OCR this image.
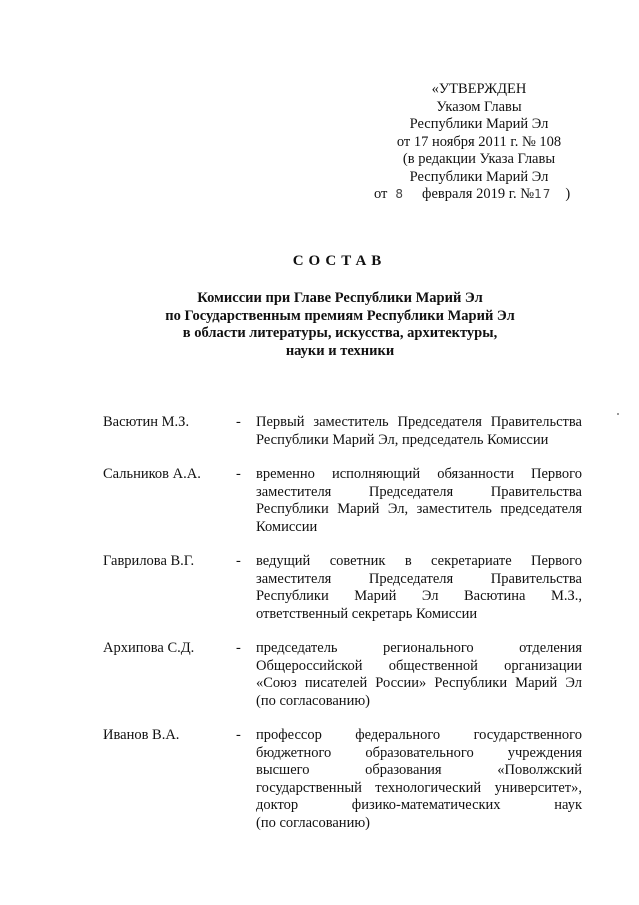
«УТВЕРЖДЕН
Указом Главы
Республики Марий Эл
от 17 ноября 2011 г. № 108
(в редакции Указа Главы
Республики Марий Эл
от 8 февраля 2019 г. №17 )
СОСТАВ
Комиссии при Главе Республики Марий Эл
по Государственным премиям Республики Марий Эл
в области литературы, искусства, архитектуры,
науки и техники
Васютин М.З.	- Первый заместитель Председателя Правительства
Республики Марий Эл, председатель Комиссии
Сальников А.А. - временно исполняющий обязанности Первого
заместителя Председателя Правительства
Республики Марий Эл, заместитель председателя
Комиссии
Гаврилова В.Г.	- ведущий советник в секретариате Первого
заместителя Председателя Правительства
Республики Марий Эл Васютина М.З.,
ответственный секретарь Комиссии
Архипова С.Д.	- председатель регионального отделения
Общероссийской общественной организации
«Союз писателей России» Республики Марий Эл
(по согласованию)
Иванов В.А.	- профессор федерального государственного
бюджетного образовательного учреждения
высшего образования «Поволжский
государственный технологический университет»,
доктор физико-математических наук
(по согласованию)
